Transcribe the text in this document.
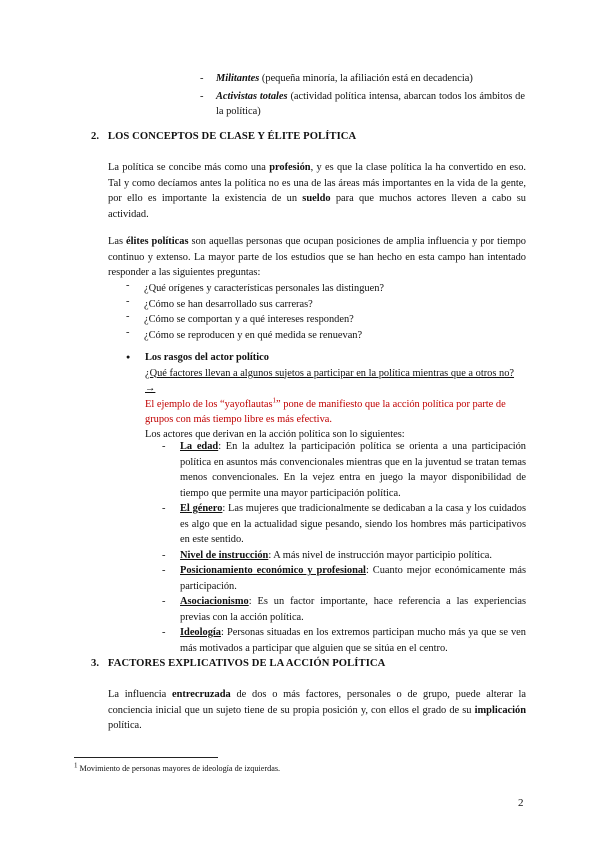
- Militantes (pequeña minoría, la afiliación está en decadencia)
- Activistas totales (actividad política intensa, abarcan todos los ámbitos de la política)
2. LOS CONCEPTOS DE CLASE Y ÉLITE POLÍTICA
La política se concibe más como una profesión, y es que la clase política la ha convertido en eso. Tal y como decíamos antes la política no es una de las áreas más importantes en la vida de la gente, por ello es importante la existencia de un sueldo para que muchos actores lleven a cabo su actividad.
Las élites políticas son aquellas personas que ocupan posiciones de amplia influencia y por tiempo continuo y extenso. La mayor parte de los estudios que se han hecho en esta campo han intentado responder a las siguientes preguntas:
- ¿Qué orígenes y características personales las distinguen?
- ¿Cómo se han desarrollado sus carreras?
- ¿Cómo se comportan y a qué intereses responden?
- ¿Cómo se reproducen y en qué medida se renuevan?
● Los rasgos del actor político
¿Qué factores llevan a algunos sujetos a participar en la política mientras que a otros no? →
El ejemplo de los “yayoflautas$^1$” pone de manifiesto que la acción política por parte de grupos con más tiempo libre es más efectiva.
Los actores que derivan en la acción política son lo siguientes:
- La edad: En la adultez la participación política se orienta a una participación política en asuntos más convencionales mientras que en la juventud se tratan temas menos convencionales. En la vejez entra en juego la mayor disponibilidad de tiempo que permite una mayor participación política.
- El género: Las mujeres que tradicionalmente se dedicaban a la casa y los cuidados es algo que en la actualidad sigue pesando, siendo los hombres más participativos en este sentido.
- Nivel de instrucción: A más nivel de instrucción mayor participio política.
- Posicionamiento económico y profesional: Cuanto mejor económicamente más participación.
- Asociacionismo: Es un factor importante, hace referencia a las experiencias previas con la acción política.
- Ideología: Personas situadas en los extremos participan mucho más ya que se ven más motivados a participar que alguien que se sitúa en el centro.
3. FACTORES EXPLICATIVOS DE LA ACCIÓN POLÍTICA
La influencia entrecruzada de dos o más factores, personales o de grupo, puede alterar la conciencia inicial que un sujeto tiene de su propia posición y, con ellos el grado de su implicación política.
$^1$ Movimiento de personas mayores de ideología de izquierdas.
2
